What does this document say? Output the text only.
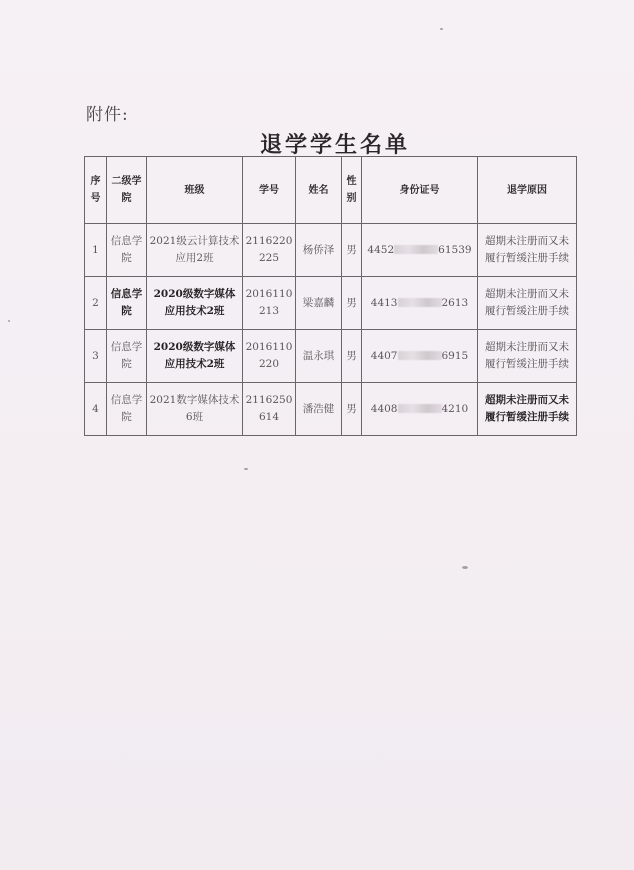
附件:
退学学生名单
序号	二级学院	班级	学号	姓名	性别	身份证号	退学原因
1	信息学院	2021级云计算技术应用2班	2116220225	杨侨泽	男	4452 61539	超期未注册而又未履行暂缓注册手续
2	信息学院	2020级数字媒体应用技术2班	2016110213	梁嘉麟	男	4413 2613	超期未注册而又未履行暂缓注册手续
3	信息学院	2020级数字媒体应用技术2班	2016110220	温永琪	男	4407 6915	超期未注册而又未履行暂缓注册手续
4	信息学院	2021数字媒体技术6班	2116250614	潘浩健	男	4408 4210	超期未注册而又未履行暂缓注册手续
